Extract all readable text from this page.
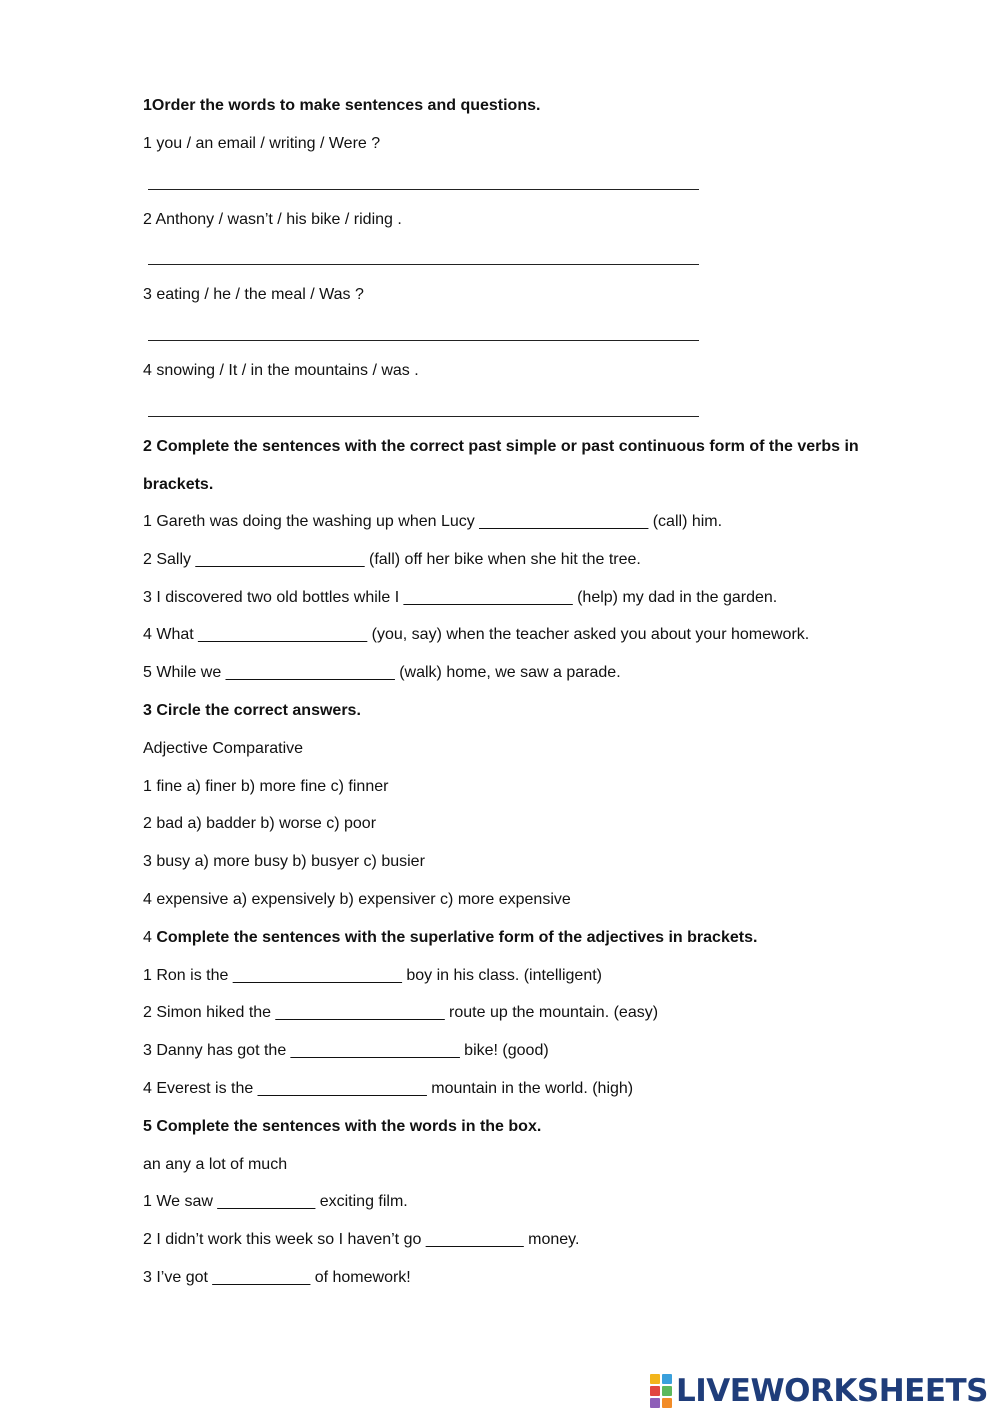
1Order the words to make sentences and questions.
1 you / an email / writing / Were ?
2 Anthony / wasn’t / his bike / riding .
3 eating / he / the meal / Was ?
4 snowing / It / in the mountains / was .
2 Complete the sentences with the correct past simple or past continuous form of the verbs in
brackets.
1 Gareth was doing the washing up when Lucy ___________________ (call) him.
2 Sally ___________________ (fall) off her bike when she hit the tree.
3 I discovered two old bottles while I ___________________ (help) my dad in the garden.
4 What ___________________ (you, say) when the teacher asked you about your homework.
5 While we ___________________ (walk) home, we saw a parade.
3 Circle the correct answers.
Adjective Comparative
1 fine a) finer b) more fine c) finner
2 bad a) badder b) worse c) poor
3 busy a) more busy b) busyer c) busier
4 expensive a) expensively b) expensiver c) more expensive
4 Complete the sentences with the superlative form of the adjectives in brackets.
1 Ron is the ___________________ boy in his class. (intelligent)
2 Simon hiked the ___________________ route up the mountain. (easy)
3 Danny has got the ___________________ bike! (good)
4 Everest is the ___________________ mountain in the world. (high)
5 Complete the sentences with the words in the box.
an any a lot of much
1 We saw ___________ exciting film.
2 I didn’t work this week so I haven’t go ___________ money.
3 I’ve got ___________ of homework!
LIVEWORKSHEETS
